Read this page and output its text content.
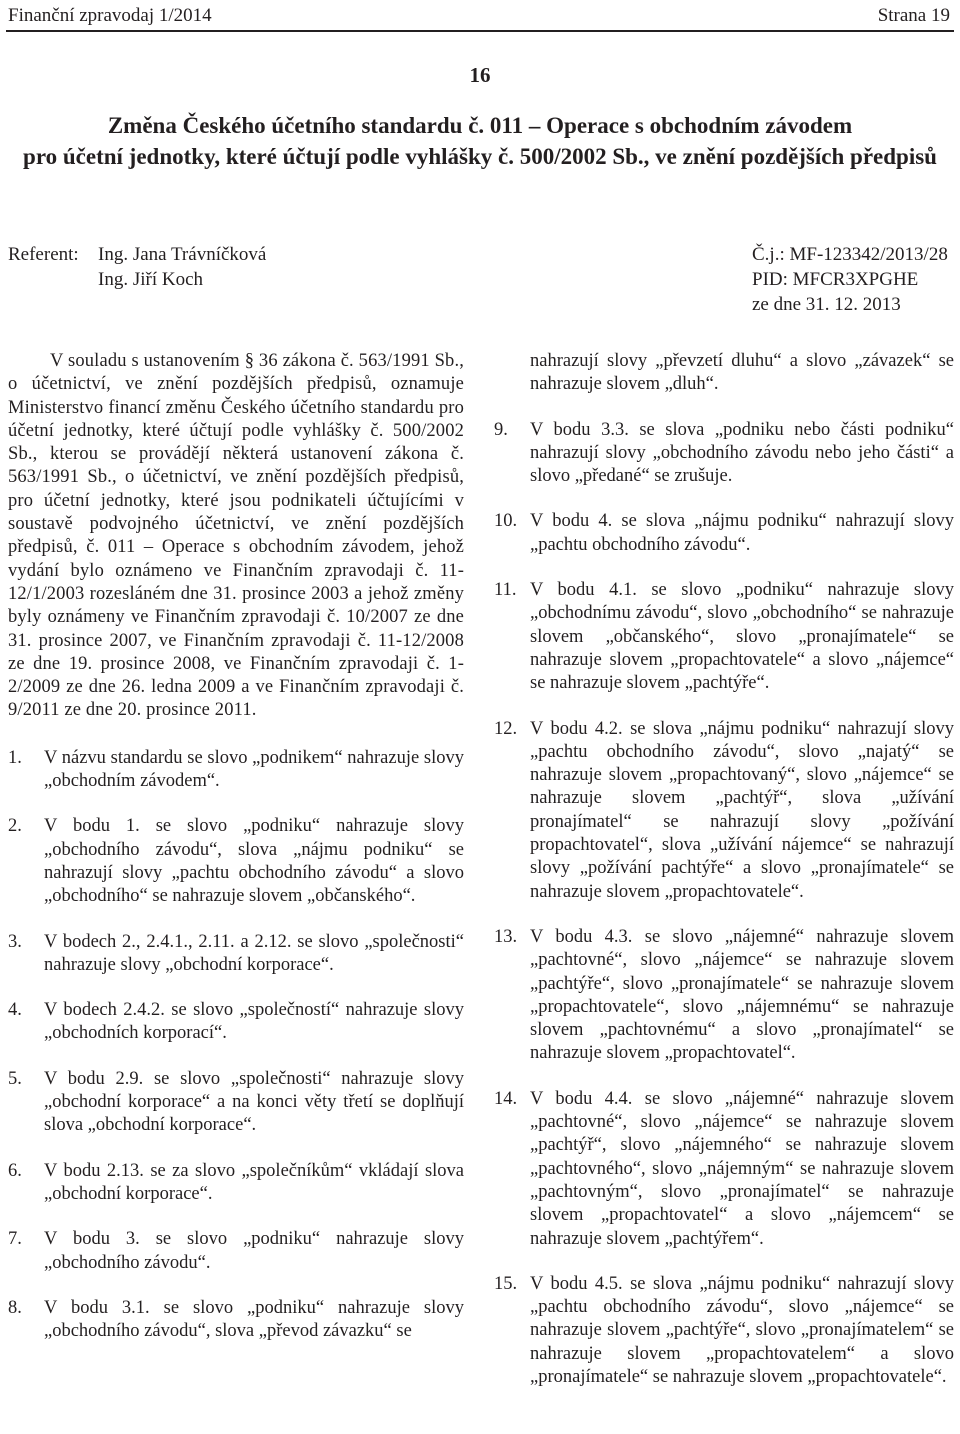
Finanční zpravodaj 1/2014	Strana 19
16
Změna Českého účetního standardu č. 011 – Operace s obchodním závodem
pro účetní jednotky, které účtují podle vyhlášky č. 500/2002 Sb., ve znění pozdějších předpisů
Referent: Ing. Jana Trávníčková
Ing. Jiří Koch
Č.j.: MF-123342/2013/28
PID: MFCR3XPGHE
ze dne 31. 12. 2013

V souladu s ustanovením § 36 zákona č. 563/1991 Sb., o účetnictví, ve znění pozdějších předpisů, oznamuje Ministerstvo financí změnu Českého účetního standardu pro účetní jednotky, které účtují podle vyhlášky č. 500/2002 Sb., kterou se provádějí některá ustanovení zákona č. 563/1991 Sb., o účetnictví, ve znění pozdějších předpisů, pro účetní jednotky, které jsou podnikateli účtujícími v soustavě podvojného účetnictví, ve znění pozdějších předpisů, č. 011 – Operace s obchodním závodem, jehož vydání bylo oznámeno ve Finančním zpravodaji č. 11-12/1/2003 rozesláném dne 31. prosince 2003 a jehož změny byly oznámeny ve Finančním zpravodaji č. 10/2007 ze dne 31. prosince 2007, ve Finančním zpravodaji č. 11-12/2008 ze dne 19. prosince 2008, ve Finančním zpravodaji č. 1-2/2009 ze dne 26. ledna 2009 a ve Finančním zpravodaji č. 9/2011 ze dne 20. prosince 2011.

1.	V názvu standardu se slovo „podnikem“ nahrazuje slovy „obchodním závodem“.
2.	V bodu 1. se slovo „podniku“ nahrazuje slovy „obchodního závodu“, slova „nájmu podniku“ se nahrazují slovy „pachtu obchodního závodu“ a slovo „obchodního“ se nahrazuje slovem „občanského“.
3.	V bodech 2., 2.4.1., 2.11. a 2.12. se slovo „společnosti“ nahrazuje slovy „obchodní korporace“.
4.	V bodech 2.4.2. se slovo „společností“ nahrazuje slovy „obchodních korporací“.
5.	V bodu 2.9. se slovo „společnosti“ nahrazuje slovy „obchodní korporace“ a na konci věty třetí se doplňují slova „obchodní korporace“.
6.	V bodu 2.13. se za slovo „společníkům“ vkládají slova „obchodní korporace“.
7.	V bodu 3. se slovo „podniku“ nahrazuje slovy „obchodního závodu“.
8.	V bodu 3.1. se slovo „podniku“ nahrazuje slovy „obchodního závodu“, slova „převod závazku“ se
nahrazují slovy „převzetí dluhu“ a slovo „závazek“ se nahrazuje slovem „dluh“.
9.	V bodu 3.3. se slova „podniku nebo části podniku“ nahrazují slovy „obchodního závodu nebo jeho části“ a slovo „předané“ se zrušuje.
10. V bodu 4. se slova „nájmu podniku“ nahrazují slovy „pachtu obchodního závodu“.
11. V bodu 4.1. se slovo „podniku“ nahrazuje slovy „obchodnímu závodu“, slovo „obchodního“ se nahrazuje slovem „občanského“, slovo „pronajímatele“ se nahrazuje slovem „propachtovatele“ a slovo „nájemce“ se nahrazuje slovem „pachtýře“.
12. V bodu 4.2. se slova „nájmu podniku“ nahrazují slovy „pachtu obchodního závodu“, slovo „najatý“ se nahrazuje slovem „propachtovaný“, slovo „nájemce“ se nahrazuje slovem „pachtýř“, slova „užívání pronajímatel“ se nahrazují slovy „požívání propachtovatel“, slova „užívání nájemce“ se nahrazují slovy „požívání pachtýře“ a slovo „pronajímatele“ se nahrazuje slovem „propachtovatele“.
13. V bodu 4.3. se slovo „nájemné“ nahrazuje slovem „pachtovné“, slovo „nájemce“ se nahrazuje slovem „pachtýře“, slovo „pronajímatele“ se nahrazuje slovem „propachtovatele“, slovo „nájemnému“ se nahrazuje slovem „pachtovnému“ a slovo „pronajímatel“ se nahrazuje slovem „propachtovatel“.
14. V bodu 4.4. se slovo „nájemné“ nahrazuje slovem „pachtovné“, slovo „nájemce“ se nahrazuje slovem „pachtýř“, slovo „nájemného“ se nahrazuje slovem „pachtovného“, slovo „nájemným“ se nahrazuje slovem „pachtovným“, slovo „pronajímatel“ se nahrazuje slovem „propachtovatel“ a slovo „nájemcem“ se nahrazuje slovem „pachtýřem“.
15. V bodu 4.5. se slova „nájmu podniku“ nahrazují slovy „pachtu obchodního závodu“, slovo „nájemce“ se nahrazuje slovem „pachtýře“, slovo „pronajímatelem“ se nahrazuje slovem „propachtovatelem“ a slovo „pronajímatele“ se nahrazuje slovem „propachtovatele“.
